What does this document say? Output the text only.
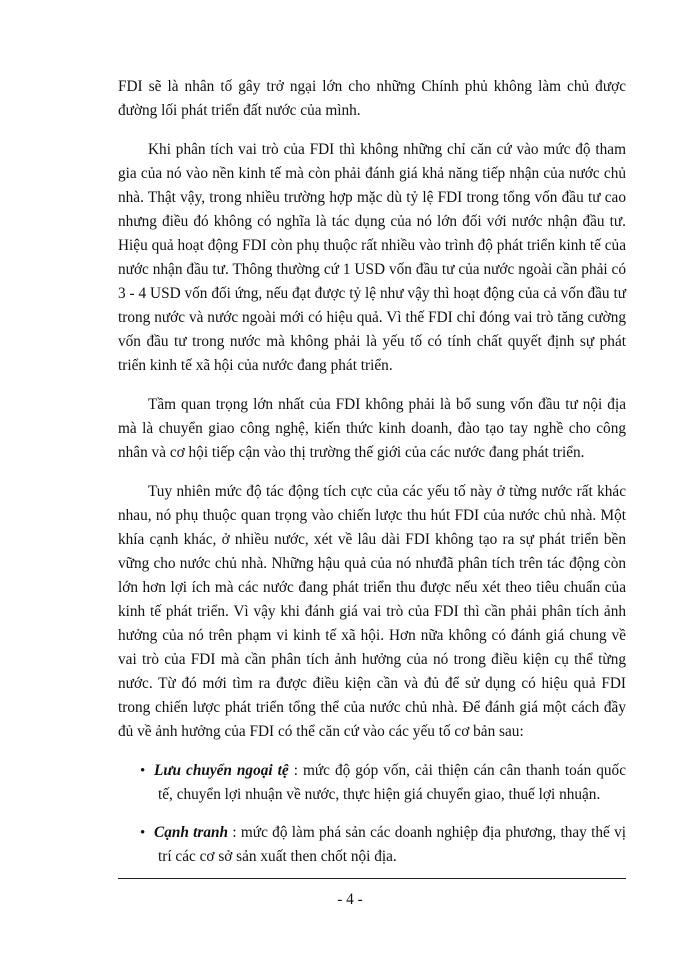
FDI sẽ là nhân tố gây trở ngại lớn cho những Chính phủ không làm chủ được đường lối phát triển đất nước của mình.

Khi phân tích vai trò của FDI thì không những chỉ căn cứ vào mức độ tham gia của nó vào nền kinh tế mà còn phải đánh giá khả năng tiếp nhận của nước chủ nhà. Thật vậy, trong nhiều trường hợp mặc dù tỷ lệ FDI trong tổng vốn đầu tư cao nhưng điều đó không có nghĩa là tác dụng của nó lớn đối với nước nhận đầu tư. Hiệu quả hoạt động FDI còn phụ thuộc rất nhiều vào trình độ phát triển kinh tế của nước nhận đầu tư. Thông thường cứ 1 USD vốn đầu tư của nước ngoài cần phải có 3 - 4 USD vốn đối ứng, nếu đạt được tỷ lệ như vậy thì hoạt động của cả vốn đầu tư trong nước và nước ngoài mới có hiệu quả. Vì thế FDI chỉ đóng vai trò tăng cường vốn đầu tư trong nước mà không phải là yếu tố có tính chất quyết định sự phát triển kinh tế xã hội của nước đang phát triển.

Tầm quan trọng lớn nhất của FDI không phải là bổ sung vốn đầu tư nội địa mà là chuyển giao công nghệ, kiến thức kinh doanh, đào tạo tay nghề cho công nhân và cơ hội tiếp cận vào thị trường thế giới của các nước đang phát triển.

Tuy nhiên mức độ tác động tích cực của các yếu tố này ở từng nước rất khác nhau, nó phụ thuộc quan trọng vào chiến lược thu hút FDI của nước chủ nhà. Một khía cạnh khác, ở nhiều nước, xét về lâu dài FDI không tạo ra sự phát triển bền vững cho nước chủ nhà. Những hậu quả của nó nhưđã phân tích trên tác động còn lớn hơn lợi ích mà các nước đang phát triển thu được nếu xét theo tiêu chuẩn của kinh tế phát triển. Vì vậy khi đánh giá vai trò của FDI thì cần phải phân tích ảnh hưởng của nó trên phạm vi kinh tế xã hội. Hơn nữa không có đánh giá chung về vai trò của FDI mà cần phân tích ảnh hưởng của nó trong điều kiện cụ thể từng nước. Từ đó mới tìm ra được điều kiện cần và đủ để sử dụng có hiệu quả FDI trong chiến lược phát triển tổng thể của nước chủ nhà. Để đánh giá một cách đầy đủ về ảnh hưởng của FDI có thể căn cứ vào các yếu tố cơ bản sau:

• Lưu chuyển ngoại tệ : mức độ góp vốn, cải thiện cán cân thanh toán quốc tế, chuyển lợi nhuận về nước, thực hiện giá chuyển giao, thuế lợi nhuận.
• Cạnh tranh : mức độ làm phá sản các doanh nghiệp địa phương, thay thế vị trí các cơ sở sản xuất then chốt nội địa.
- 4 -
